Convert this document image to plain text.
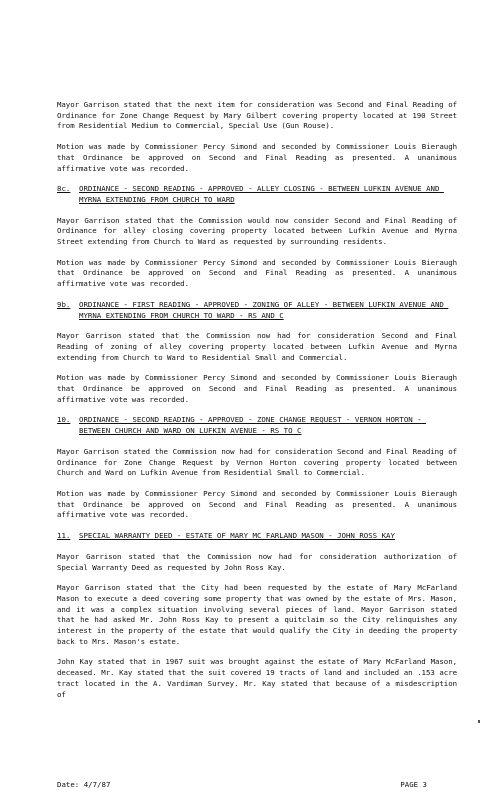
Mayor Garrison stated that the next item for consideration was Second and Final Reading of Ordinance for Zone Change Request by Mary Gilbert covering property located at 190 Street from Residential Medium to Commercial, Special Use (Gun Rouse).

Motion was made by Commissioner Percy Simond and seconded by Commissioner Louis Bieraugh that Ordinance be approved on Second and Final Reading as presented. A unanimous affirmative vote was recorded.

8c.	ORDINANCE - SECOND READING - APPROVED - ALLEY CLOSING - BETWEEN LUFKIN AVENUE AND MYRNA EXTENDING FROM CHURCH TO WARD

Mayor Garrison stated that the Commission would now consider Second and Final Reading of Ordinance for alley closing covering property located between Lufkin Avenue and Myrna Street extending from Church to Ward as requested by surrounding residents.

Motion was made by Commissioner Percy Simond and seconded by Commissioner Louis Bieraugh that Ordinance be approved on Second and Final Reading as presented. A unanimous affirmative vote was recorded.

9b.	ORDINANCE - FIRST READING - APPROVED - ZONING OF ALLEY - BETWEEN LUFKIN AVENUE AND MYRNA EXTENDING FROM CHURCH TO WARD - RS AND C

Mayor Garrison stated that the Commission now had for consideration Second and Final Reading of zoning of alley covering property located between Lufkin Avenue and Myrna extending from Church to Ward to Residential Small and Commercial.

Motion was made by Commissioner Percy Simond and seconded by Commissioner Louis Bieraugh that Ordinance be approved on Second and Final Reading as presented. A unanimous affirmative vote was recorded.

10.	ORDINANCE - SECOND READING - APPROVED - ZONE CHANGE REQUEST - VERNON HORTON - BETWEEN CHURCH AND WARD ON LUFKIN AVENUE - RS TO C

Mayor Garrison stated the Commission now had for consideration Second and Final Reading of Ordinance for Zone Change Request by Vernon Horton covering property located between Church and Ward on Lufkin Avenue from Residential Small to Commercial.

Motion was made by Commissioner Percy Simond and seconded by Commissioner Louis Bieraugh that Ordinance be approved on Second and Final Reading as presented. A unanimous affirmative vote was recorded.

11.	SPECIAL WARRANTY DEED - ESTATE OF MARY MC FARLAND MASON - JOHN ROSS KAY

Mayor Garrison stated that the Commission now had for consideration authorization of Special Warranty Deed as requested by John Ross Kay.

Mayor Garrison stated that the City had been requested by the estate of Mary McFarland Mason to execute a deed covering some property that was owned by the estate of Mrs. Mason, and it was a complex situation involving several pieces of land. Mayor Garrison stated that he had asked Mr. John Ross Kay to present a quitclaim so the City relinquishes any interest in the property of the estate that would qualify the City in deeding the property back to Mrs. Mason's estate.

John Kay stated that in 1967 suit was brought against the estate of Mary McFarland Mason, deceased. Mr. Kay stated that the suit covered 19 tracts of land and included an .153 acre tract located in the A. Vardiman Survey. Mr. Kay stated that because of a misdescription of

Date: 4/7/87	PAGE 3
